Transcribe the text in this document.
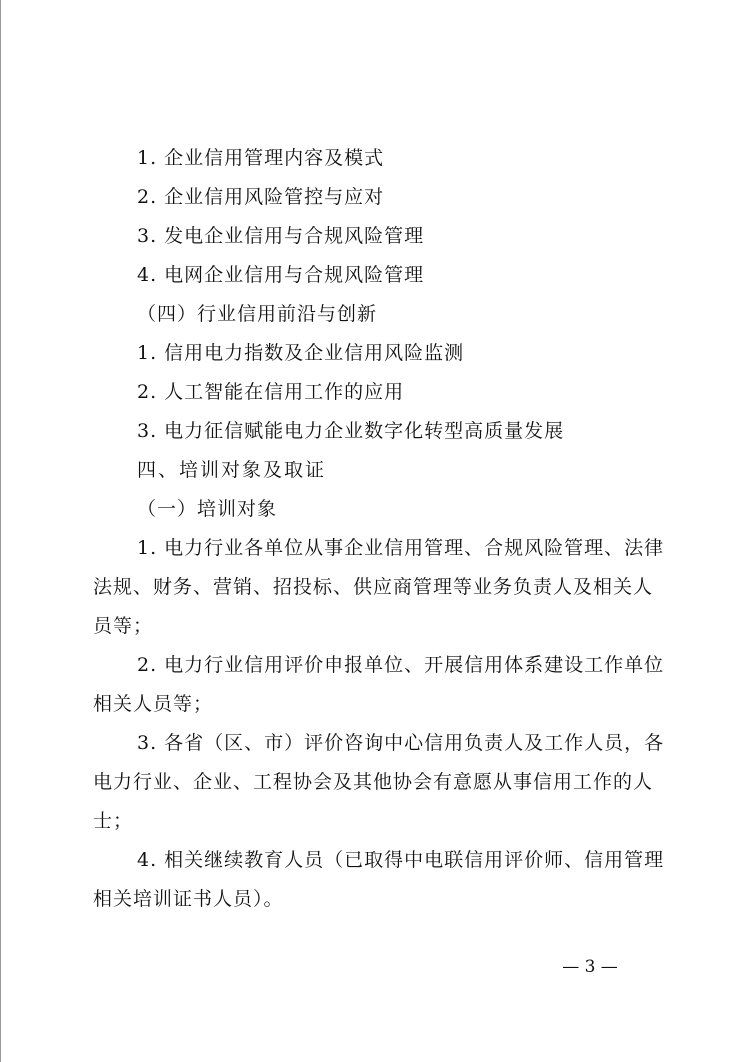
1. 企业信用管理内容及模式
2. 企业信用风险管控与应对
3. 发电企业信用与合规风险管理
4. 电网企业信用与合规风险管理
（四）行业信用前沿与创新
1. 信用电力指数及企业信用风险监测
2. 人工智能在信用工作的应用
3. 电力征信赋能电力企业数字化转型高质量发展
四、培训对象及取证
（一）培训对象
1. 电力行业各单位从事企业信用管理、合规风险管理、法律
法规、财务、营销、招投标、供应商管理等业务负责人及相关人
员等；
2. 电力行业信用评价申报单位、开展信用体系建设工作单位
相关人员等；
3. 各省（区、市）评价咨询中心信用负责人及工作人员，各
电力行业、企业、工程协会及其他协会有意愿从事信用工作的人
士；
4. 相关继续教育人员（已取得中电联信用评价师、信用管理
相关培训证书人员）。
— 3 —
